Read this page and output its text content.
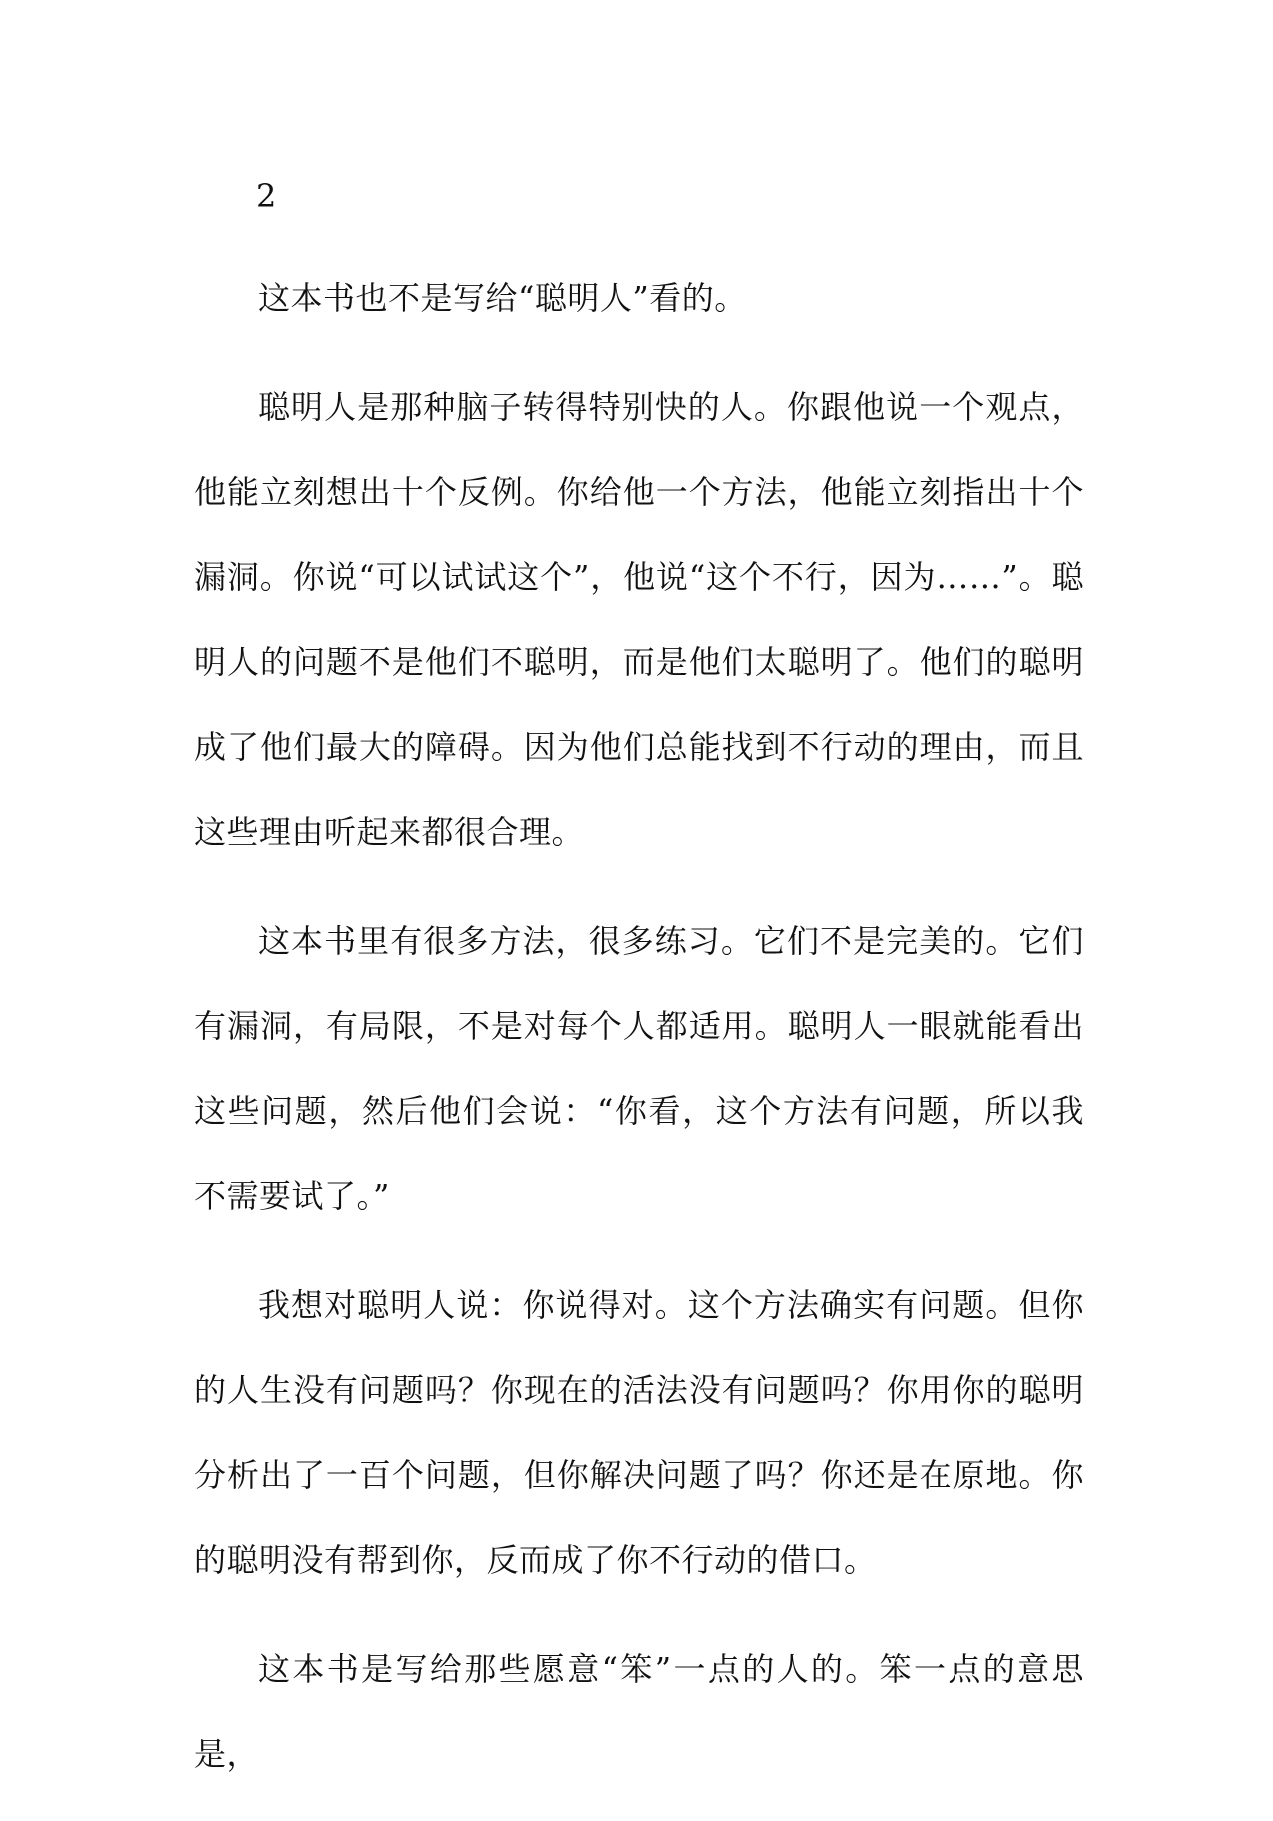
2

这本书也不是写给“聪明人”看的。

聪明人是那种脑子转得特别快的人。你跟他说一个观点，他能立刻想出十个反例。你给他一个方法，他能立刻指出十个漏洞。你说“可以试试这个”，他说“这个不行，因为……”。聪明人的问题不是他们不聪明，而是他们太聪明了。他们的聪明成了他们最大的障碍。因为他们总能找到不行动的理由，而且这些理由听起来都很合理。

这本书里有很多方法，很多练习。它们不是完美的。它们有漏洞，有局限，不是对每个人都适用。聪明人一眼就能看出这些问题，然后他们会说：“你看，这个方法有问题，所以我不需要试了。”

我想对聪明人说：你说得对。这个方法确实有问题。但你的人生没有问题吗？你现在的活法没有问题吗？你用你的聪明分析出了一百个问题，但你解决问题了吗？你还是在原地。你的聪明没有帮到你，反而成了你不行动的借口。

这本书是写给那些愿意“笨”一点的人的。笨一点的意思是，
